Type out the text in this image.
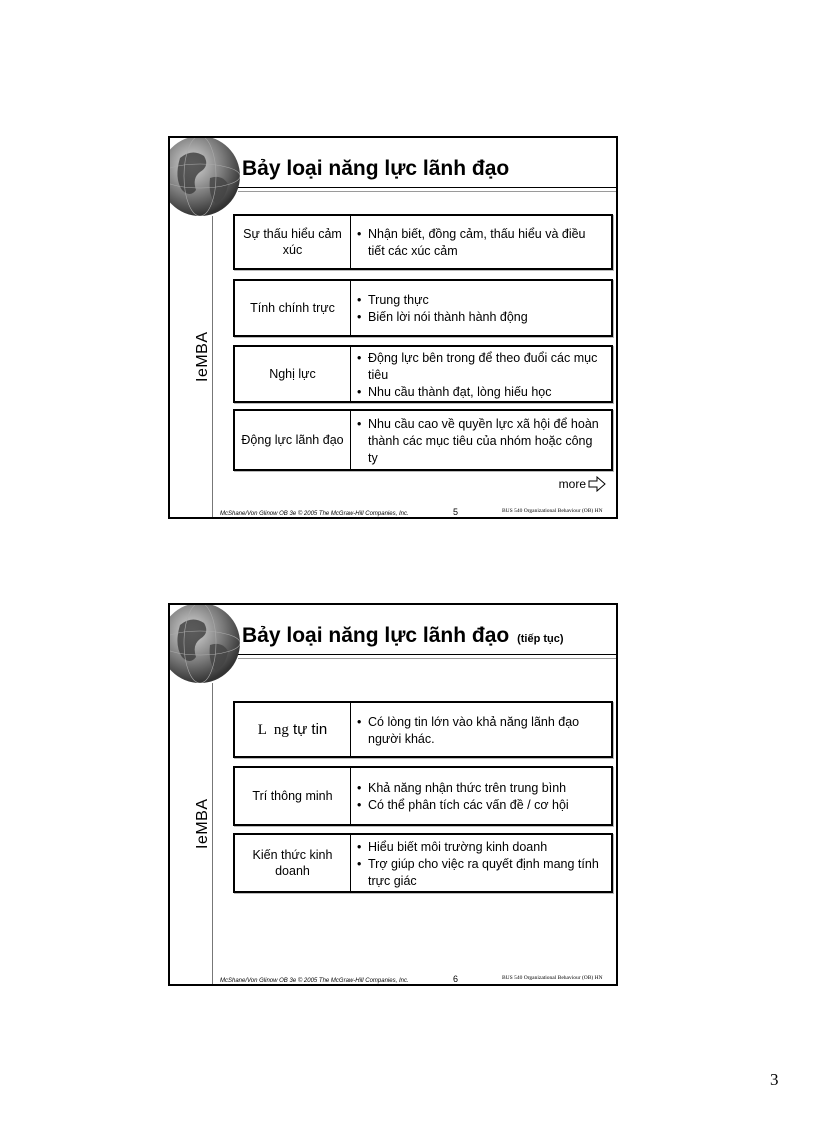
Bảy loại năng lực lãnh đạo
IeMBA
Sự thấu hiểu cảm xúc
• Nhận biết, đồng cảm, thấu hiểu và điều tiết các xúc cảm
Tính chính trực
• Trung thực
• Biến lời nói thành hành động
Nghị lực
• Động lực bên trong để theo đuổi các mục tiêu
• Nhu cầu thành đạt, lòng hiếu học
Động lực lãnh đạo
• Nhu cầu cao về quyền lực xã hội để hoàn thành các mục tiêu của nhóm hoặc công ty
more
McShane/Von Glinow OB 3e © 2005 The McGraw-Hill Companies, Inc.	5	BUS 540 Organizational Behaviour (OB) HN
Bảy loại năng lực lãnh đạo (tiếp tục)
IeMBA
L  ng tự tin
•	Có lòng tin lớn vào khả năng lãnh đạo người khác.
Trí thông minh
• Khả năng nhận thức trên trung bình
• Có thể phân tích các vấn đề / cơ hội
Kiến thức kinh doanh
• Hiểu biết môi trường kinh doanh
• Trợ giúp cho việc ra quyết định mang tính trực giác
McShane/Von Glinow OB 3e © 2005 The McGraw-Hill Companies, Inc.	6	BUS 540 Organizational Behaviour (OB) HN
3
